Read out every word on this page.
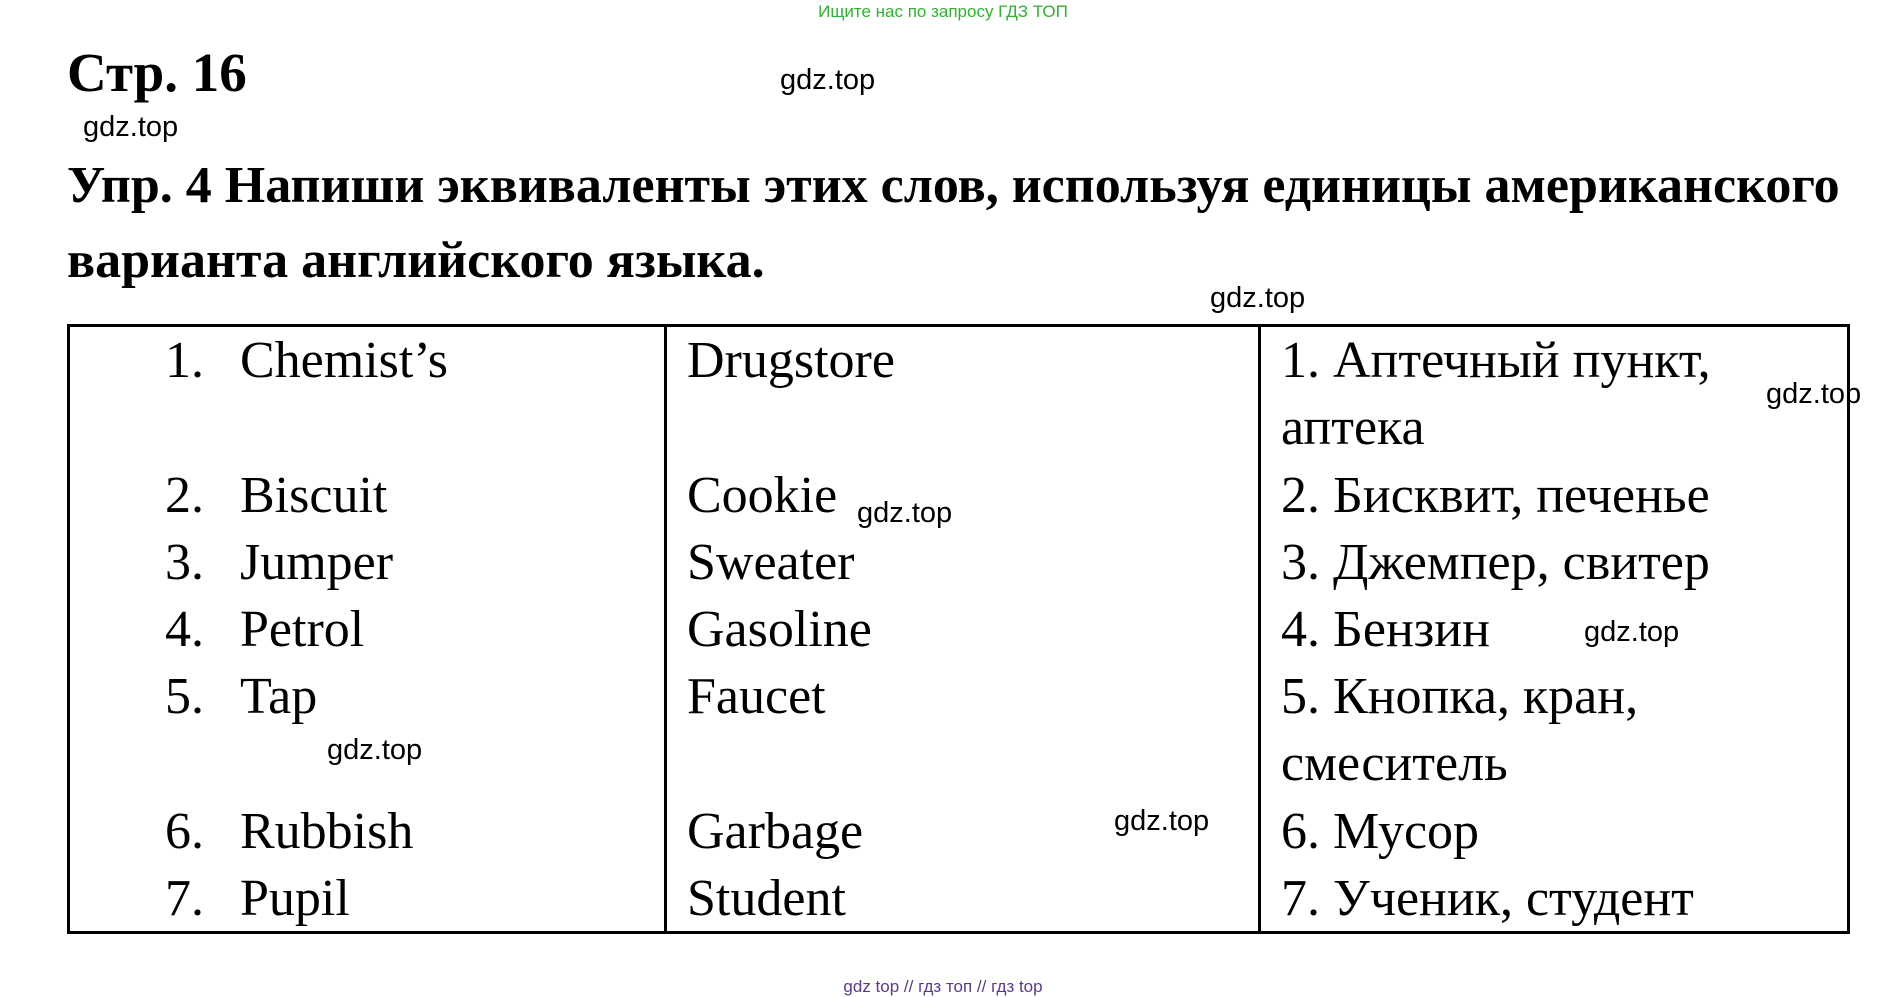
Ищите нас по запросу ГДЗ ТОП
Стр. 16
Упр. 4 Напиши эквиваленты этих слов, используя единицы американского варианта английского языка.
1. Chemist’s
2. Biscuit
3. Jumper
4. Petrol
5. Tap
6. Rubbish
7. Pupil
Drugstore
Cookie
Sweater
Gasoline
Faucet
Garbage
Student
1. Аптечный пункт, аптека
2. Бисквит, печенье
3. Джемпер, свитер
4. Бензин
5. Кнопка, кран, смеситель
6. Мусор
7. Ученик, студент
gdz.top
gdz.top
gdz.top
gdz.top
gdz.top
gdz.top
gdz.top
gdz.top
gdz top // гдз топ // гдз top
